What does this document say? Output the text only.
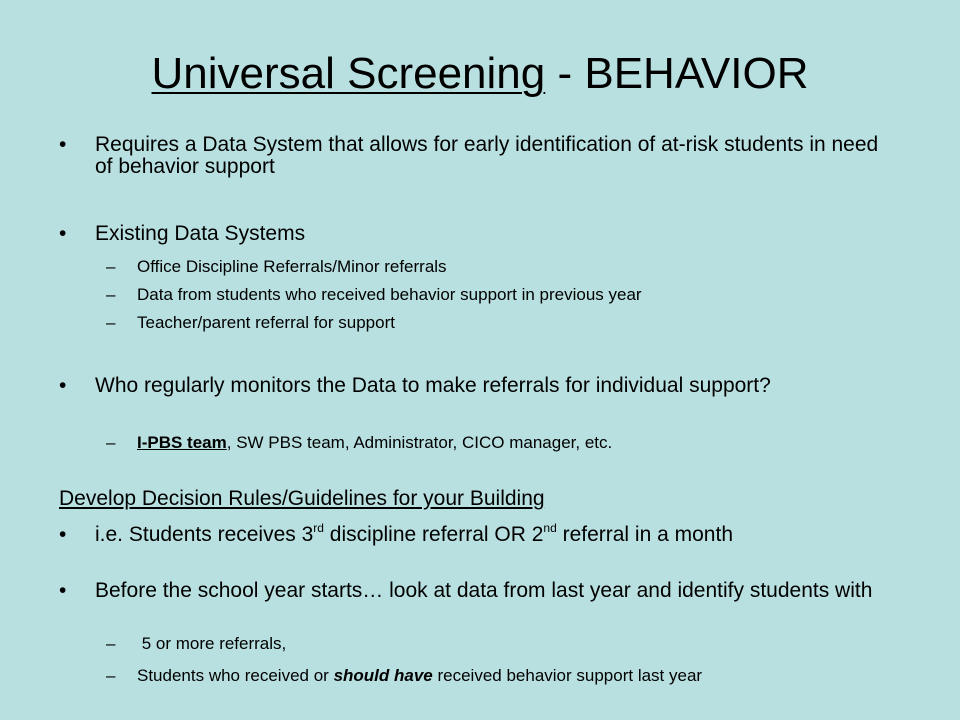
Universal Screening - BEHAVIOR
• Requires a Data System that allows for early identification of at-risk students in need of behavior support
• Existing Data Systems
– Office Discipline Referrals/Minor referrals
– Data from students who received behavior support in previous year
– Teacher/parent referral for support
• Who regularly monitors the Data to make referrals for individual support?
– I-PBS team, SW PBS team, Administrator, CICO manager, etc.
Develop Decision Rules/Guidelines for your Building
• i.e. Students receives 3rd discipline referral OR 2nd referral in a month
• Before the school year starts… look at data from last year and identify students with
– 5 or more referrals,
– Students who received or should have received behavior support last year
